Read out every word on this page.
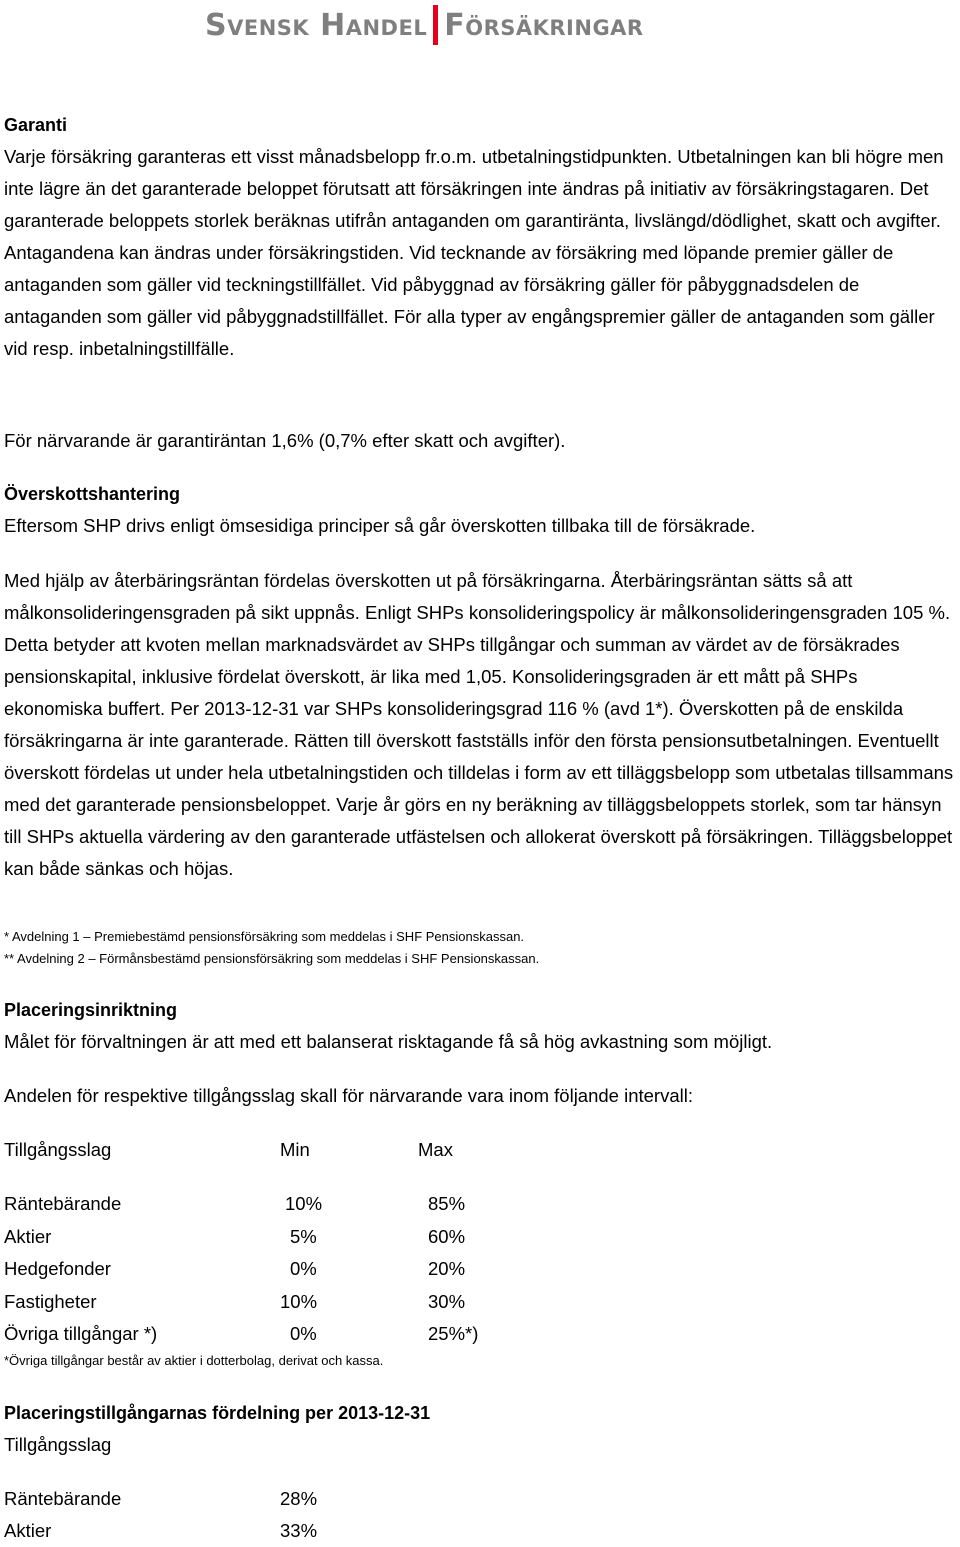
Svensk Handel Försäkringar
Garanti

Varje försäkring garanteras ett visst månadsbelopp fr.o.m. utbetalningstidpunkten. Utbetalningen kan bli högre men inte lägre än det garanterade beloppet förutsatt att försäkringen inte ändras på initiativ av försäkringstagaren. Det garanterade beloppets storlek beräknas utifrån antaganden om garantiränta, livslängd/dödlighet, skatt och avgifter. Antagandena kan ändras under försäkringstiden. Vid tecknande av försäkring med löpande premier gäller de antaganden som gäller vid teckningstillfället. Vid påbyggnad av försäkring gäller för påbyggnadsdelen de antaganden som gäller vid påbyggnadstillfället. För alla typer av engångspremier gäller de antaganden som gäller vid resp. inbetalningstillfälle.

För närvarande är garantiräntan 1,6% (0,7% efter skatt och avgifter).

Överskottshantering

Eftersom SHP drivs enligt ömsesidiga principer så går överskotten tillbaka till de försäkrade.

Med hjälp av återbäringsräntan fördelas överskotten ut på försäkringarna. Återbäringsräntan sätts så att målkonsolideringensgraden på sikt uppnås. Enligt SHPs konsolideringspolicy är målkonsolideringensgraden 105 %. Detta betyder att kvoten mellan marknadsvärdet av SHPs tillgångar och summan av värdet av de försäkrades pensionskapital, inklusive fördelat överskott, är lika med 1,05. Konsolideringsgraden är ett mått på SHPs ekonomiska buffert. Per 2013-12-31 var SHPs konsolideringsgrad 116 % (avd 1*). Överskotten på de enskilda försäkringarna är inte garanterade. Rätten till överskott fastställs inför den första pensionsutbetalningen. Eventuellt överskott fördelas ut under hela utbetalningstiden och tilldelas i form av ett tilläggsbelopp som utbetalas tillsammans med det garanterade pensionsbeloppet. Varje år görs en ny beräkning av tilläggsbeloppets storlek, som tar hänsyn till SHPs aktuella värdering av den garanterade utfästelsen och allokerat överskott på försäkringen. Tilläggsbeloppet kan både sänkas och höjas.

* Avdelning 1 – Premiebestämd pensionsförsäkring som meddelas i SHF Pensionskassan.
** Avdelning 2 – Förmånsbestämd pensionsförsäkring som meddelas i SHF Pensionskassan.
Placeringsinriktning

Målet för förvaltningen är att med ett balanserat risktagande få så hög avkastning som möjligt.

Andelen för respektive tillgångsslag skall för närvarande vara inom följande intervall:

Tillgångsslag	Min	Max
Räntebärande	10%	85%
Aktier	5%	60%
Hedgefonder	0%	20%
Fastigheter	10%	30%
Övriga tillgångar *)	0%	25%*)
*Övriga tillgångar består av aktier i dotterbolag, derivat och kassa.
Placeringstillgångarnas fördelning per 2013-12-31
Tillgångsslag
Räntebärande	28%
Aktier	33%
